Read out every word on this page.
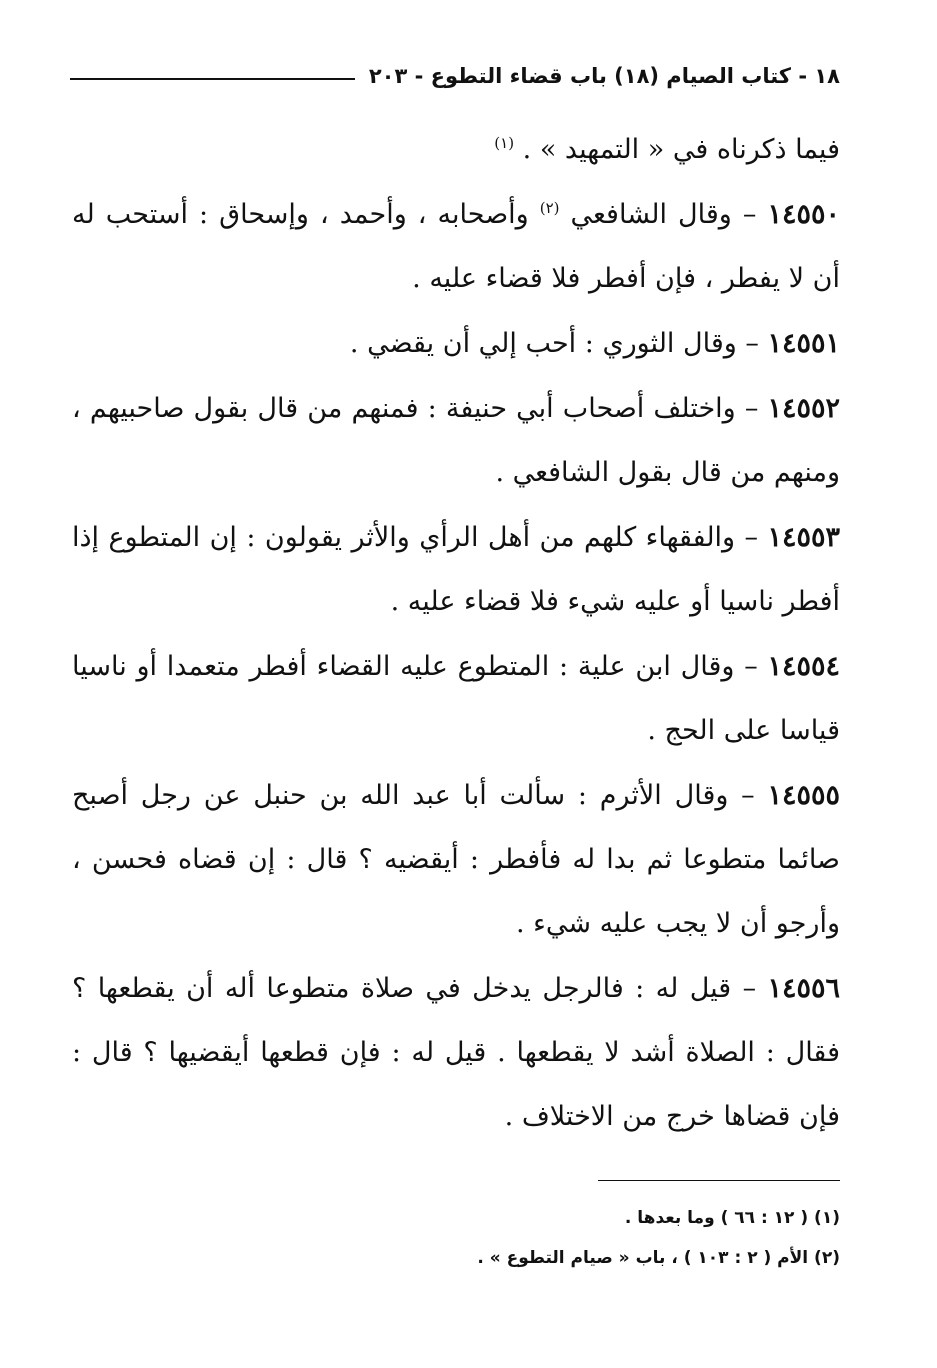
١٨ - كتاب الصيام (١٨) باب قضاء التطوع - ٢٠٣

فيما ذكرناه في « التمهيد » . $^{(١)}$

١٤٥٥٠ – وقال الشافعي $^{(٢)}$ وأصحابه ، وأحمد ، وإسحاق : أستحب له أن لا يفطر ، فإن أفطر فلا قضاء عليه .

١٤٥٥١ – وقال الثوري : أحب إلي أن يقضي .

١٤٥٥٢ – واختلف أصحاب أبي حنيفة : فمنهم من قال بقول صاحبيهم ، ومنهم من قال بقول الشافعي .

١٤٥٥٣ – والفقهاء كلهم من أهل الرأي والأثر يقولون : إن المتطوع إذا أفطر ناسيا أو عليه شيء فلا قضاء عليه .

١٤٥٥٤ – وقال ابن علية : المتطوع عليه القضاء أفطر متعمدا أو ناسيا قياسا على الحج .

١٤٥٥٥ – وقال الأثرم : سألت أبا عبد الله بن حنبل عن رجل أصبح صائما متطوعا ثم بدا له فأفطر : أيقضيه ؟ قال : إن قضاه فحسن ، وأرجو أن لا يجب عليه شيء .

١٤٥٥٦ – قيل له : فالرجل يدخل في صلاة متطوعا أله أن يقطعها ؟ فقال : الصلاة أشد لا يقطعها . قيل له : فإن قطعها أيقضيها ؟ قال : فإن قضاها خرج من الاختلاف .

(١) ( ١٢ : ٦٦ ) وما بعدها .

(٢) الأم ( ٢ : ١٠٣ ) ، باب « صيام التطوع » .
